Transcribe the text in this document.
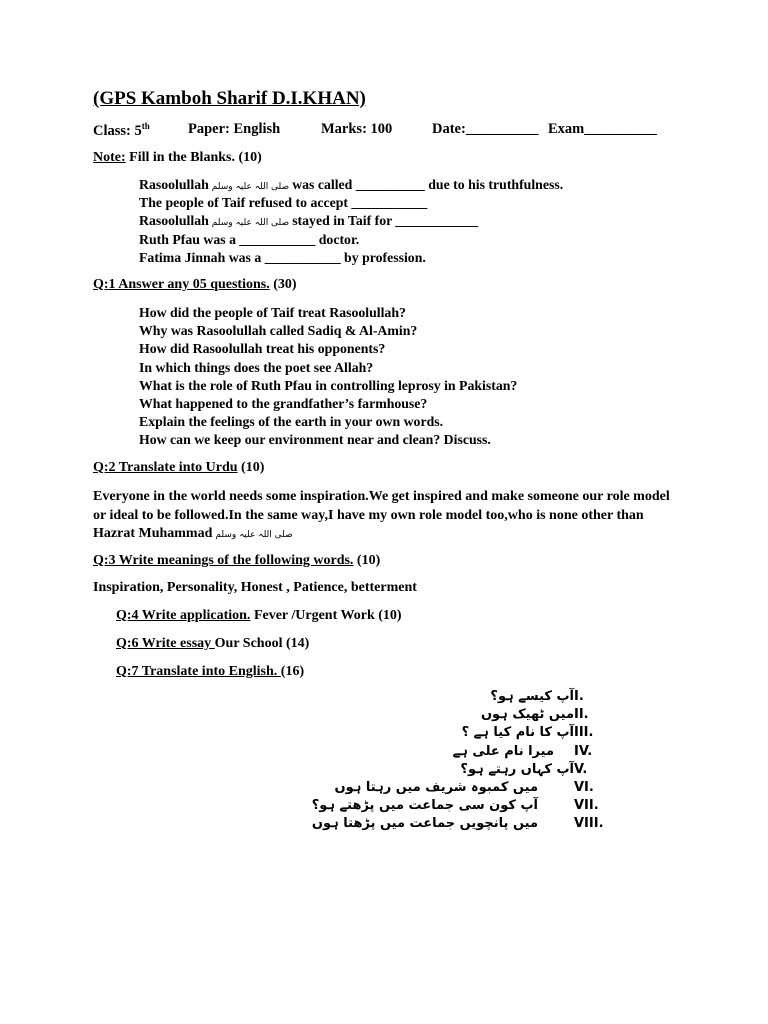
(GPS Kamboh Sharif D.I.KHAN)
Class: 5th	Paper: English	Marks: 100	Date:__________ Exam__________
Note: Fill in the Blanks. (10)
Rasoolullah صلی اللہ علیہ وسلم was called __________ due to his truthfulness.
The people of Taif refused to accept ___________
Rasoolullah صلی اللہ علیہ وسلم stayed in Taif for ____________
Ruth Pfau was a ___________ doctor.
Fatima Jinnah was a ___________ by profession.
Q:1 Answer any 05 questions. (30)
How did the people of Taif treat Rasoolullah?
Why was Rasoolullah called Sadiq & Al-Amin?
How did Rasoolullah treat his opponents?
In which things does the poet see Allah?
What is the role of Ruth Pfau in controlling leprosy in Pakistan?
What happened to the grandfather’s farmhouse?
Explain the feelings of the earth in your own words.
How can we keep our environment near and clean? Discuss.
Q:2 Translate into Urdu (10)
Everyone in the world needs some inspiration.We get inspired and make someone our role model or ideal to be followed.In the same way,I have my own role model too,who is none other than Hazrat Muhammad صلی اللہ علیہ وسلم
Q:3 Write meanings of the following words. (10)
Inspiration, Personality, Honest , Patience, betterment
Q:4 Write application. Fever /Urgent Work (10)
Q:6 Write essay Our School (14)
Q:7 Translate into English. (16)
I.آپ کیسے ہو؟
II.میں ٹھیک ہوں
III.آپ کا نام کیا ہے ؟
IV.میرا نام علی ہے
V.آپ کہاں رہتے ہو؟
VI.میں کمبوہ شریف میں رہتا ہوں
VII.آپ کون سی جماعت میں پڑھتے ہو؟
VIII.میں پانچویں جماعت میں پڑھتا ہوں
